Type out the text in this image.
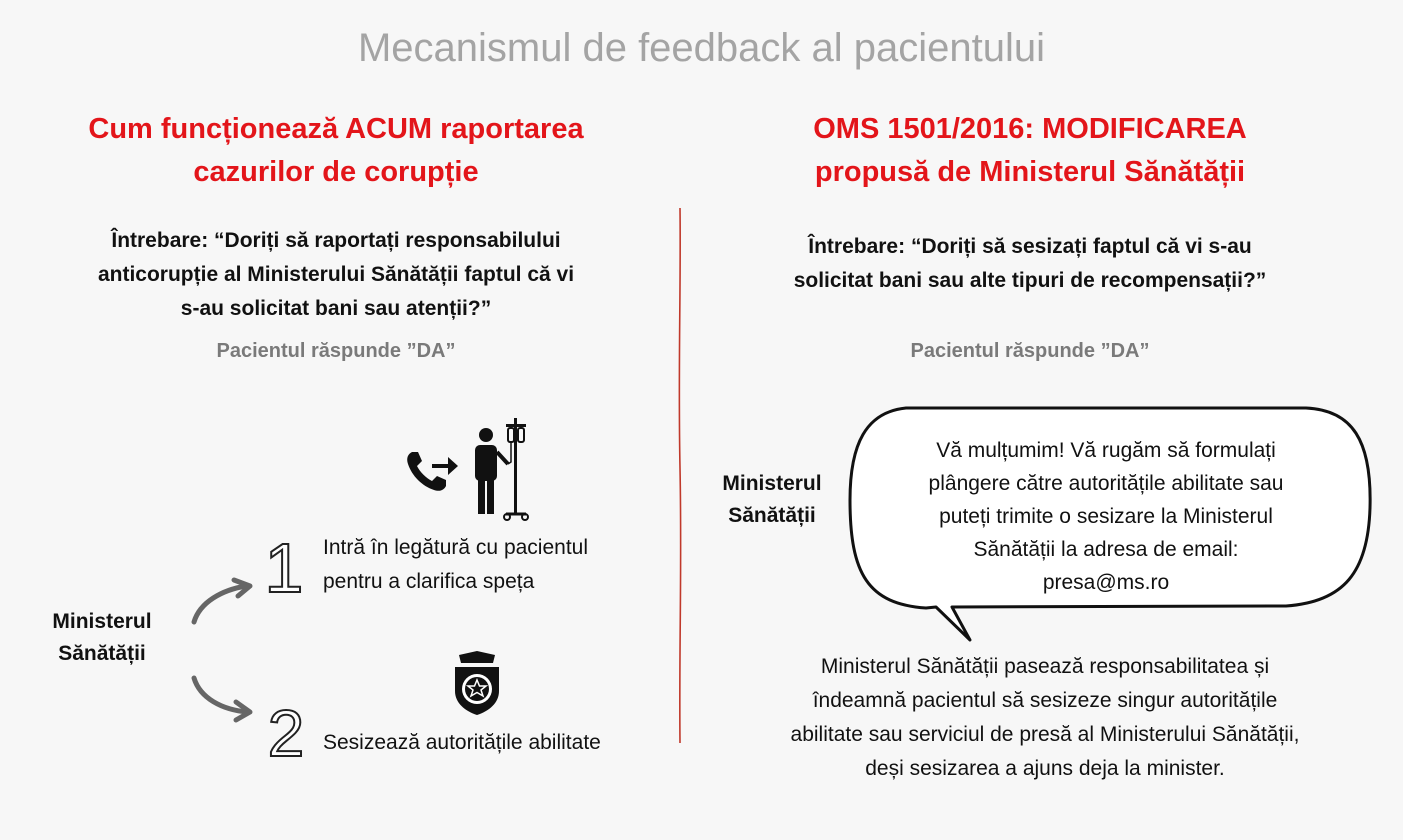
Mecanismul de feedback al pacientului
Cum funcționează ACUM raportarea
cazurilor de corupție
Întrebare: “Doriți să raportați responsabilului
anticorupție al Ministerului Sănătății faptul că vi
s-au solicitat bani sau atenții?”
Pacientul răspunde ”DA”
Ministerul
Sănătății
1 Intră în legătură cu pacientul
pentru a clarifica speța
2 Sesizează autoritățile abilitate
OMS 1501/2016: MODIFICAREA
propusă de Ministerul Sănătății
Întrebare: “Doriți să sesizați faptul că vi s-au
solicitat bani sau alte tipuri de recompensații?”
Pacientul răspunde ”DA”
Ministerul
Sănătății
Vă mulțumim! Vă rugăm să formulați
plângere către autoritățile abilitate sau
puteți trimite o sesizare la Ministerul
Sănătății la adresa de email:
presa@ms.ro
Ministerul Sănătății pasează responsabilitatea și
îndeamnă pacientul să sesizeze singur autoritățile
abilitate sau serviciul de presă al Ministerului Sănătății,
deși sesizarea a ajuns deja la minister.
